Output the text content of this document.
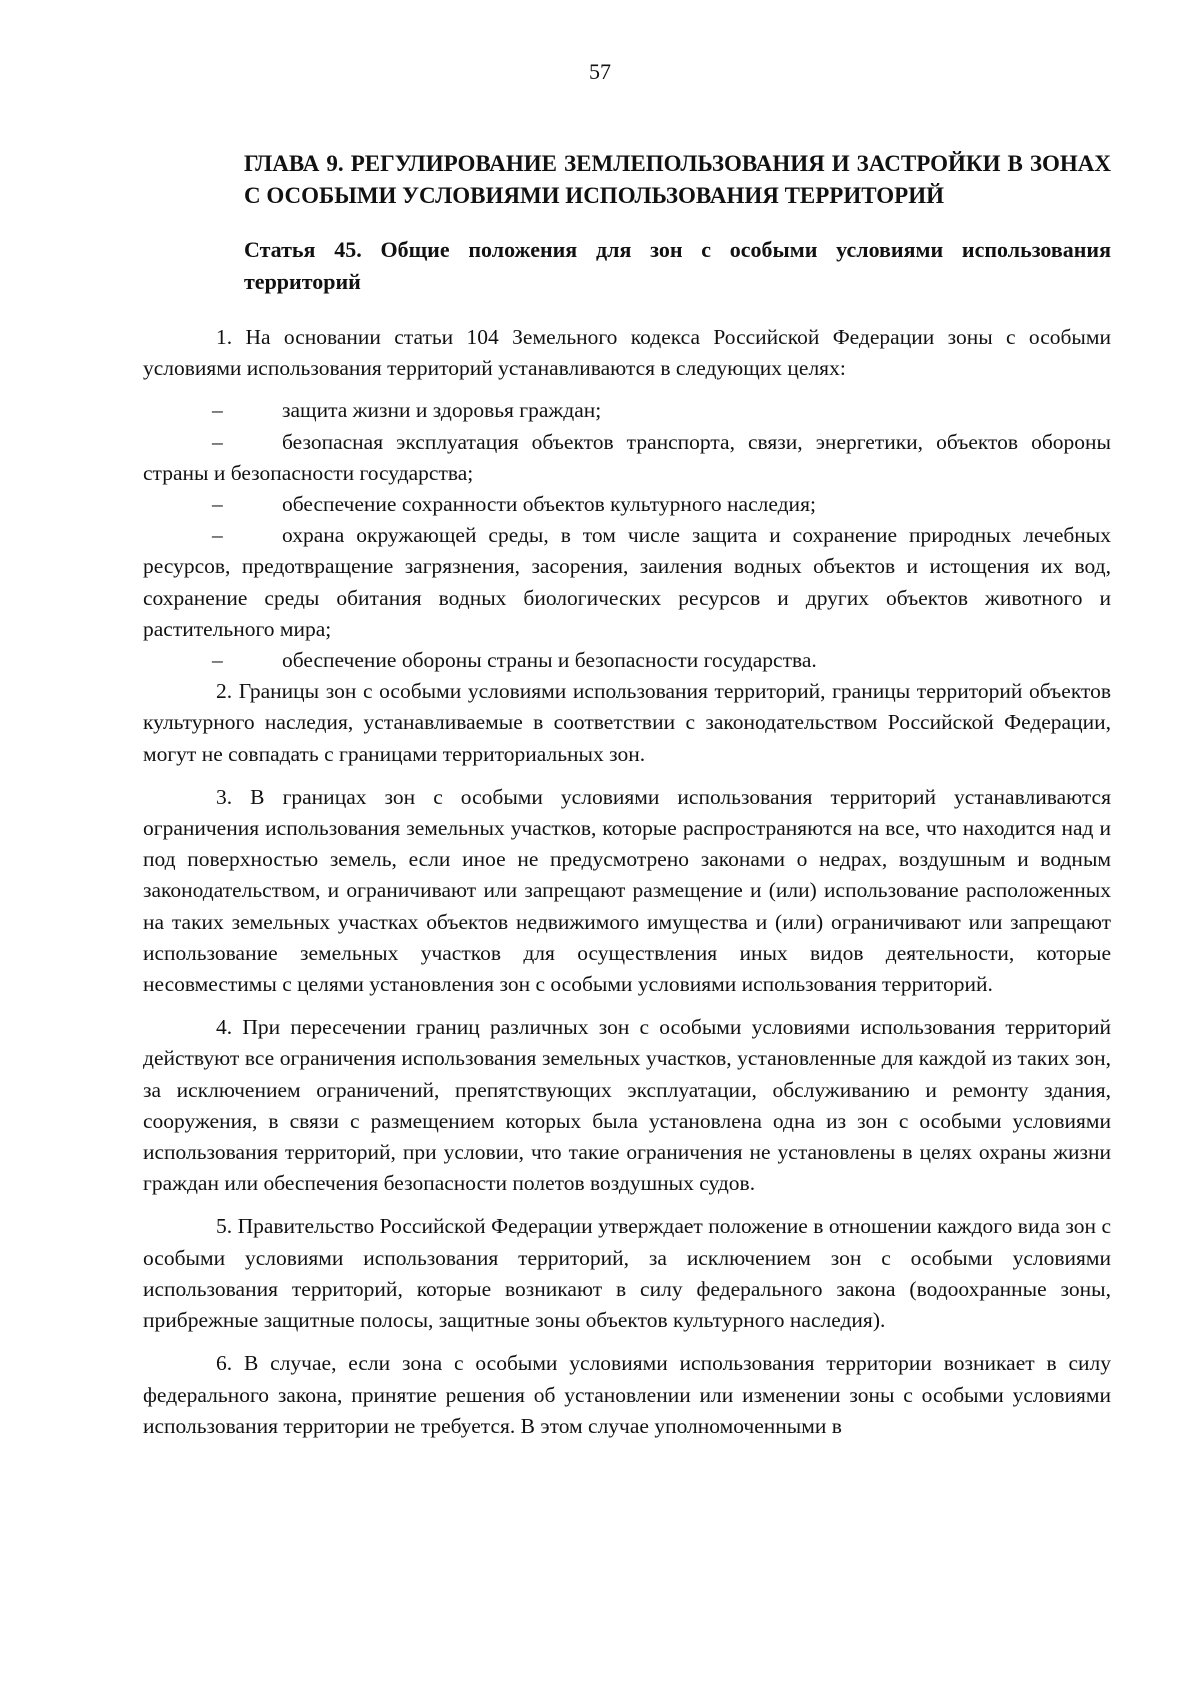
57
ГЛАВА 9. РЕГУЛИРОВАНИЕ ЗЕМЛЕПОЛЬЗОВАНИЯ И ЗАСТРОЙКИ В ЗОНАХ С ОСОБЫМИ УСЛОВИЯМИ ИСПОЛЬЗОВАНИЯ ТЕРРИТОРИЙ
Статья 45. Общие положения для зон с особыми условиями использования территорий

1. На основании статьи 104 Земельного кодекса Российской Федерации зоны с особыми условиями использования территорий устанавливаются в следующих целях:

–	защита жизни и здоровья граждан;
–	безопасная эксплуатация объектов транспорта, связи, энергетики, объектов обороны страны и безопасности государства;
–	обеспечение сохранности объектов культурного наследия;
–	охрана окружающей среды, в том числе защита и сохранение природных лечебных ресурсов, предотвращение загрязнения, засорения, заиления водных объектов и истощения их вод, сохранение среды обитания водных биологических ресурсов и других объектов животного и растительного мира;
–	обеспечение обороны страны и безопасности государства.

2. Границы зон с особыми условиями использования территорий, границы территорий объектов культурного наследия, устанавливаемые в соответствии с законодательством Российской Федерации, могут не совпадать с границами территориальных зон.

3. В границах зон с особыми условиями использования территорий устанавливаются ограничения использования земельных участков, которые распространяются на все, что находится над и под поверхностью земель, если иное не предусмотрено законами о недрах, воздушным и водным законодательством, и ограничивают или запрещают размещение и (или) использование расположенных на таких земельных участках объектов недвижимого имущества и (или) ограничивают или запрещают использование земельных участков для осуществления иных видов деятельности, которые несовместимы с целями установления зон с особыми условиями использования территорий.

4. При пересечении границ различных зон с особыми условиями использования территорий действуют все ограничения использования земельных участков, установленные для каждой из таких зон, за исключением ограничений, препятствующих эксплуатации, обслуживанию и ремонту здания, сооружения, в связи с размещением которых была установлена одна из зон с особыми условиями использования территорий, при условии, что такие ограничения не установлены в целях охраны жизни граждан или обеспечения безопасности полетов воздушных судов.

5. Правительство Российской Федерации утверждает положение в отношении каждого вида зон с особыми условиями использования территорий, за исключением зон с особыми условиями использования территорий, которые возникают в силу федерального закона (водоохранные зоны, прибрежные защитные полосы, защитные зоны объектов культурного наследия).

6. В случае, если зона с особыми условиями использования территории возникает в силу федерального закона, принятие решения об установлении или изменении зоны с особыми условиями использования территории не требуется. В этом случае уполномоченными в
